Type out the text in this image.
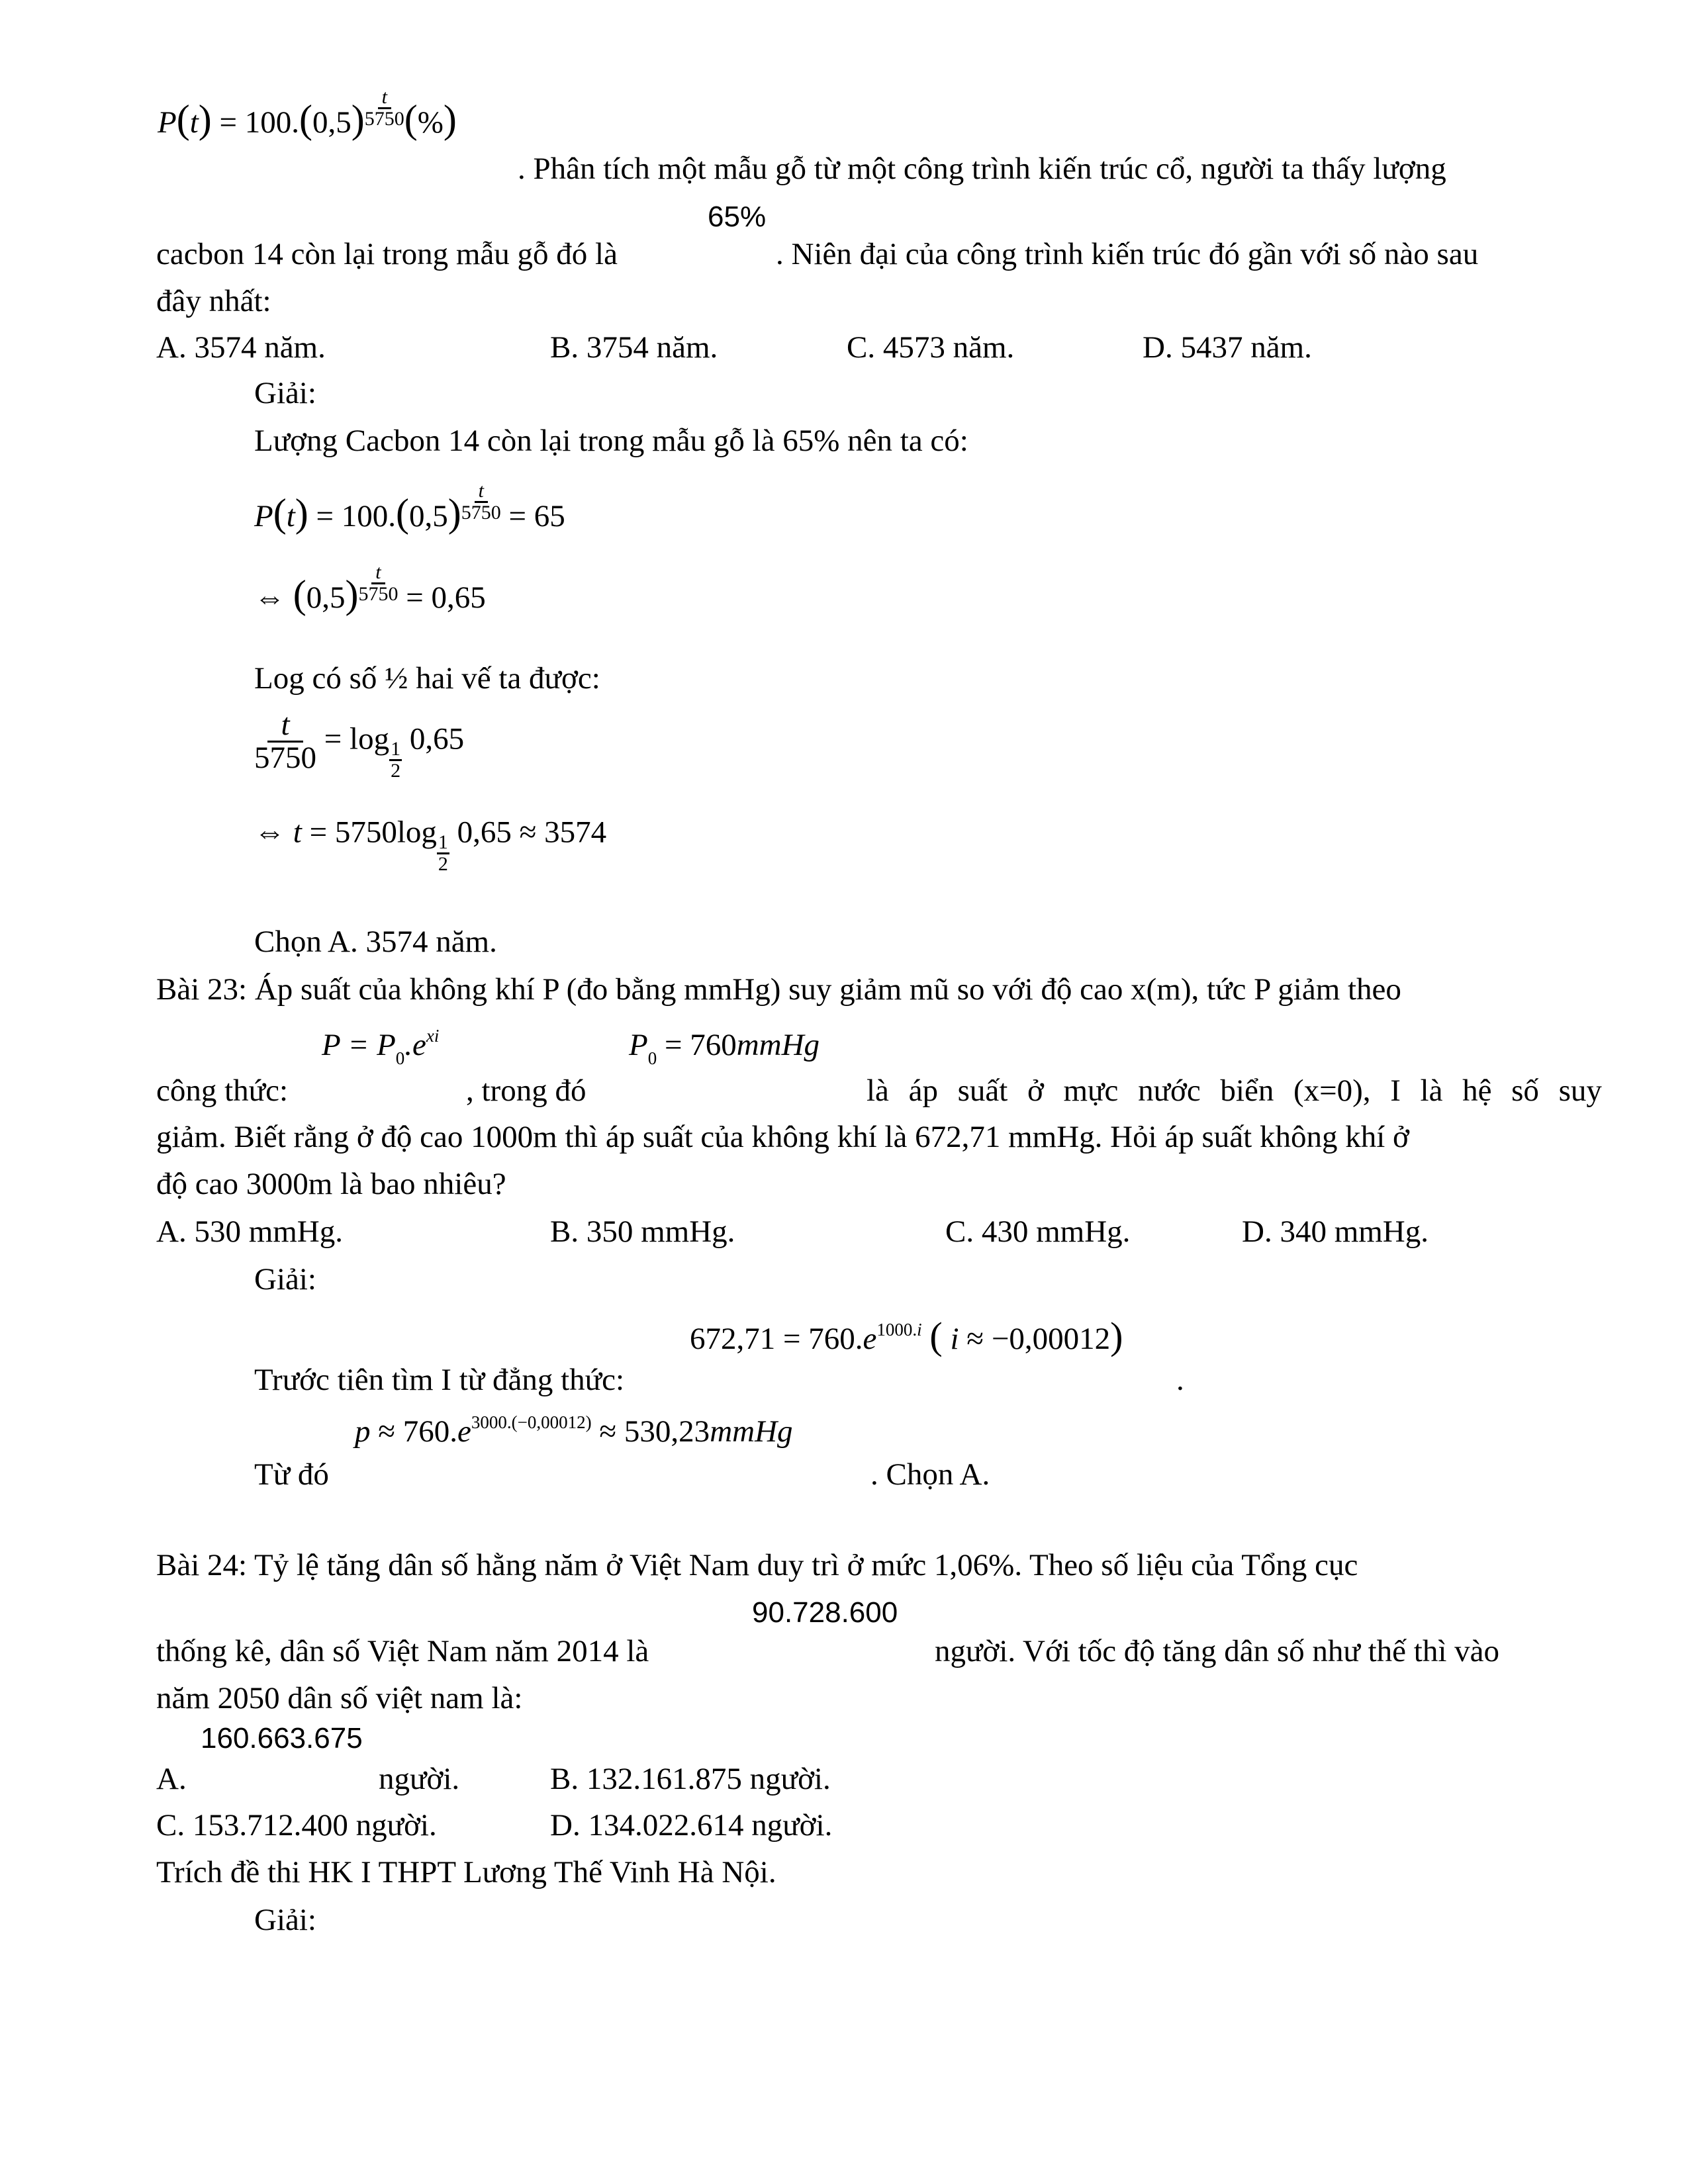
$P(t) = 100.(0,5) \frac{t}{5750}$ (%)
. Phân tích một mẫu gỗ từ một công trình kiến trúc cổ, người ta thấy lượng
65%
cacbon 14 còn lại trong mẫu gỗ đó là	. Niên đại của công trình kiến trúc đó gần với số nào sau
đây nhất:
A. 3574 năm.	B. 3754 năm.	C. 4573 năm.	D. 5437 năm.
Giải:
Lượng Cacbon 14 còn lại trong mẫu gỗ là 65% nên ta có:
$P(t) = 100.(0,5) \frac{t}{5750} = 65$
⇔ $(0,5) \frac{t}{5750} = 0,65$
Log có số ½ hai vế ta được:
$\frac{t}{5750} = \log$
$\frac{1}{2}$
0,65
⇔ t = 5750log
$\frac{1}{2}$
0,65 ≈ 3574
Chọn A. 3574 năm.
Bài 23: Áp suất của không khí P (đo bằng mmHg) suy giảm mũ so với độ cao x(m), tức P giảm theo
$P = P_0.e^{xi}$	$P_0$ = 760mmHg
công thức:	, trong đó	là áp suất ở mực nước biển (x=0), I là hệ số suy
giảm. Biết rằng ở độ cao 1000m thì áp suất của không khí là 672,71 mmHg. Hỏi áp suất không khí ở
độ cao 3000m là bao nhiêu?
A. 530 mmHg.	B. 350 mmHg.	C. 430 mmHg.	D. 340 mmHg.
Giải:
$672,71 = 760.e^{1000.i}$ ( i ≈ −0,00012)
Trước tiên tìm I từ đẳng thức:	.
$p \approx 760.e^{3000.(-0,00012)}$ ≈ 530,23mmHg
Từ đó	. Chọn A.
Bài 24: Tỷ lệ tăng dân số hằng năm ở Việt Nam duy trì ở mức 1,06%. Theo số liệu của Tổng cục
90.728.600
thống kê, dân số Việt Nam năm 2014 là	người. Với tốc độ tăng dân số như thế thì vào
năm 2050 dân số việt nam là:
160.663.675
A.	người.	B. 132.161.875 người.
C. 153.712.400 người.	D. 134.022.614 người.
Trích đề thi HK I THPT Lương Thế Vinh Hà Nội.
Giải:
